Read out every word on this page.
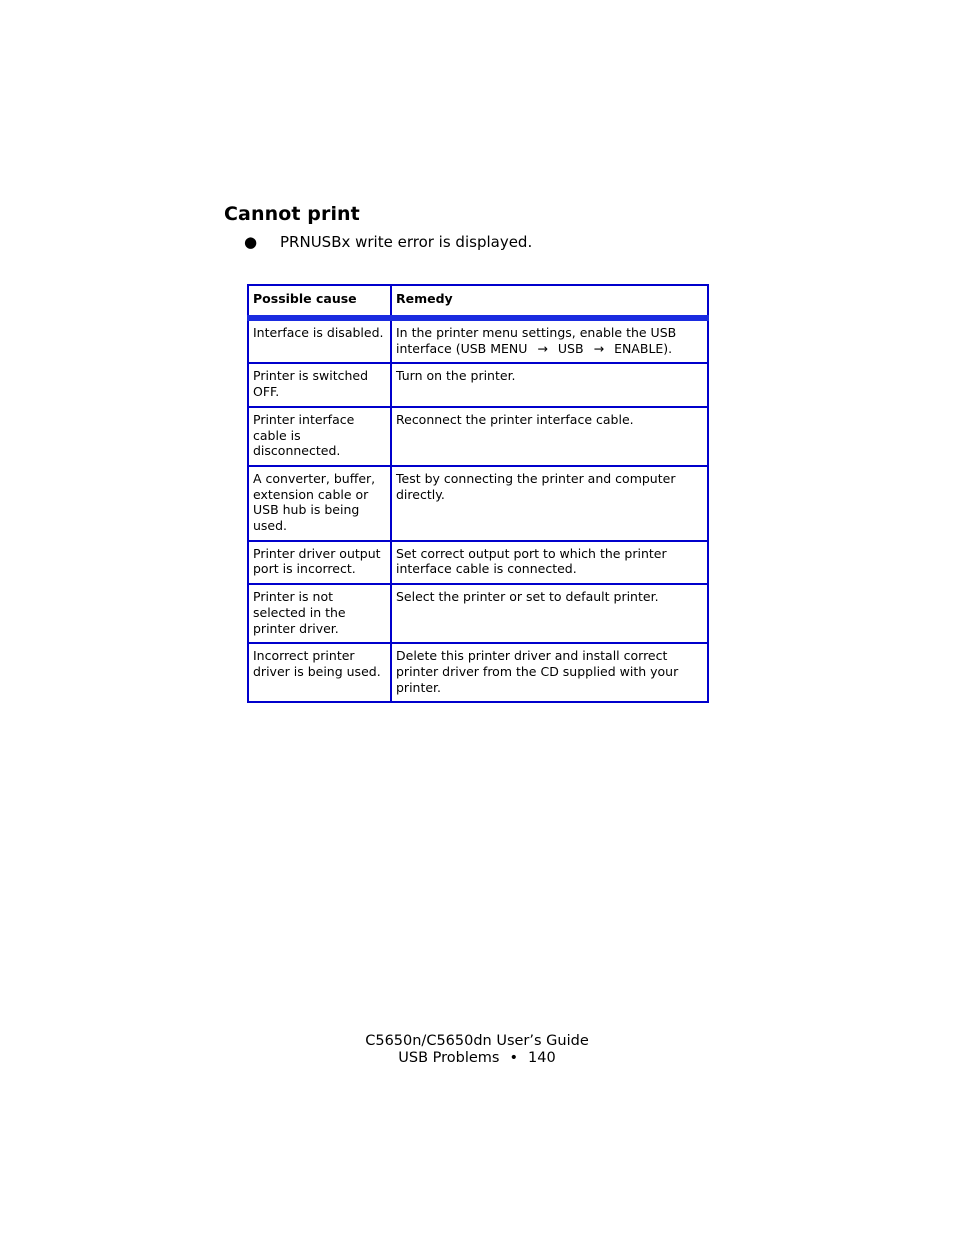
Cannot print
● PRNUSBx write error is displayed.
Possible cause	Remedy
Interface is disabled.	In the printer menu settings, enable the USB interface (USB MENU → USB → ENABLE).
Printer is switched OFF.	Turn on the printer.
Printer interface cable is disconnected.	Reconnect the printer interface cable.
A converter, buffer, extension cable or USB hub is being used.	Test by connecting the printer and computer directly.
Printer driver output port is incorrect.	Set correct output port to which the printer interface cable is connected.
Printer is not selected in the printer driver.	Select the printer or set to default printer.
Incorrect printer driver is being used.	Delete this printer driver and install correct printer driver from the CD supplied with your printer.
C5650n/C5650dn User’s Guide
USB Problems • 140
